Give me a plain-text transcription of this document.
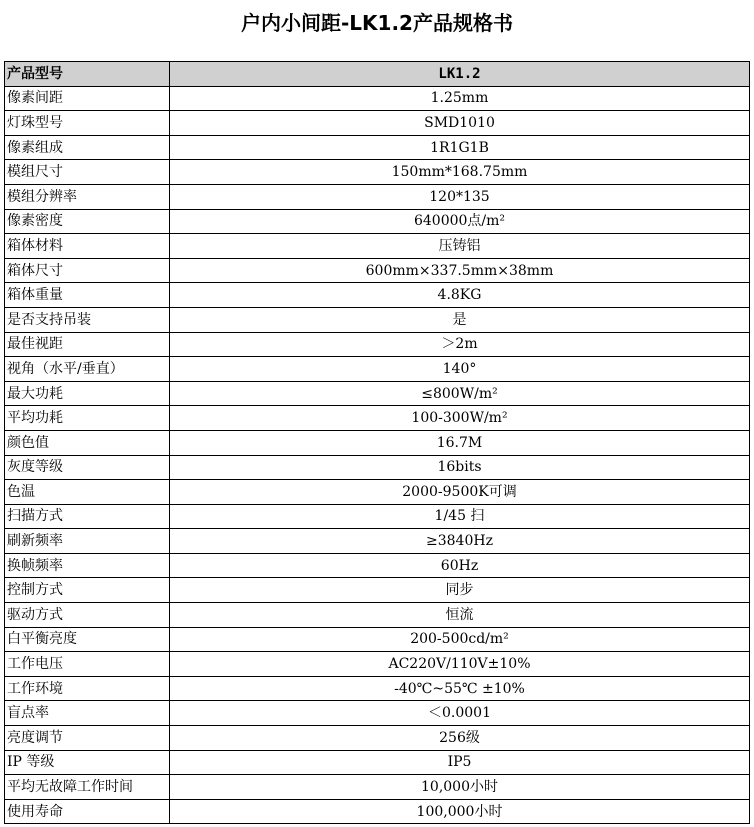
户内小间距-LK1.2产品规格书
产品型号	LK1.2
像素间距	1.25mm
灯珠型号	SMD1010
像素组成	1R1G1B
模组尺寸	150mm*168.75mm
模组分辨率	120*135
像素密度	640000点/m²
箱体材料	压铸铝
箱体尺寸	600mm×337.5mm×38mm
箱体重量	4.8KG
是否支持吊装	是
最佳视距	＞2m
视角（水平/垂直）	140°
最大功耗	≤800W/m²
平均功耗	100-300W/m²
颜色值	16.7M
灰度等级	16bits
色温	2000-9500K可调
扫描方式	1/45 扫
刷新频率	≥3840Hz
换帧频率	60Hz
控制方式	同步
驱动方式	恒流
白平衡亮度	200-500cd/m²
工作电压	AC220V/110V±10%
工作环境	-40℃~55℃ ±10%
盲点率	＜0.0001
亮度调节	256级
IP 等级	IP5
平均无故障工作时间	10,000小时
使用寿命	100,000小时
